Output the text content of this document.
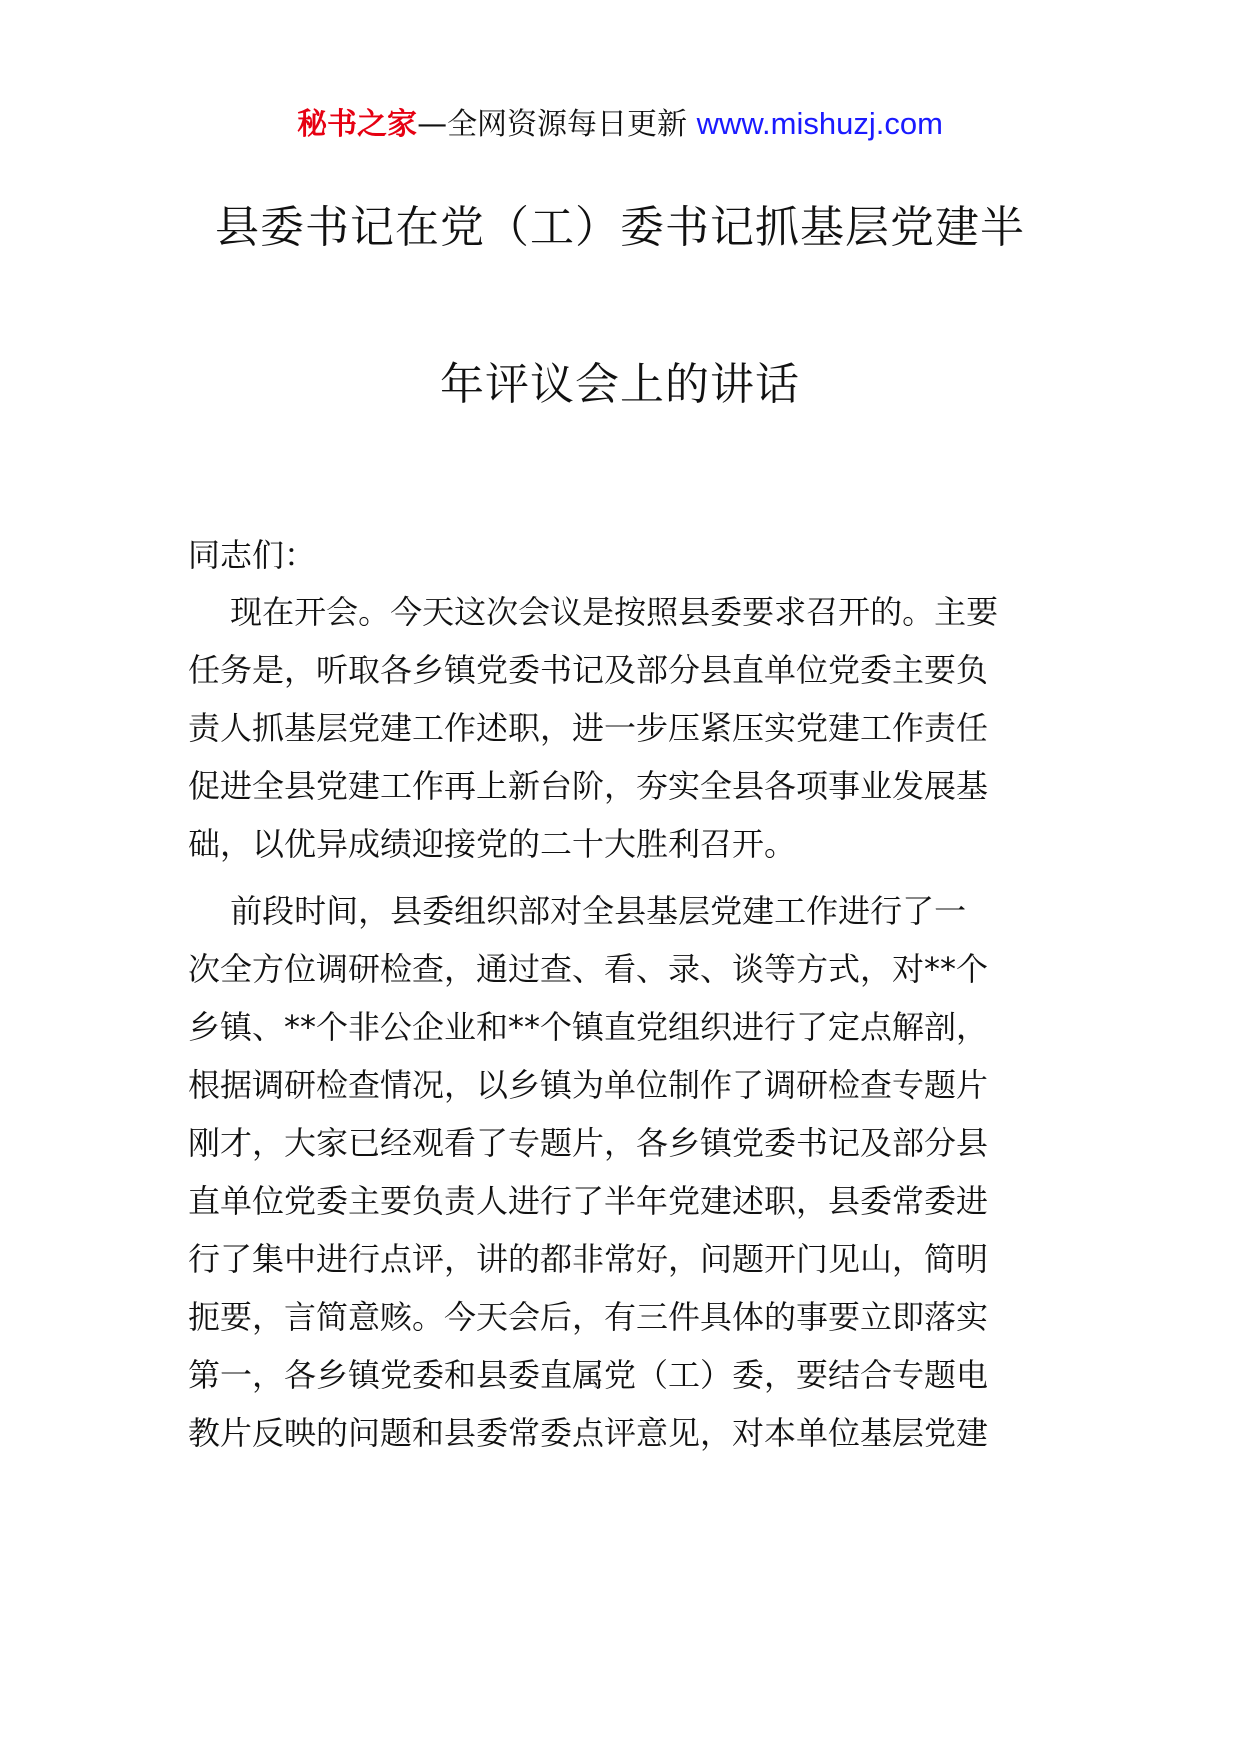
秘书之家—全网资源每日更新 www.mishuzj.com
县委书记在党（工）委书记抓基层党建半
年评议会上的讲话
同志们：
　 现在开会。今天这次会议是按照县委要求召开的。主要
任务是，听取各乡镇党委书记及部分县直单位党委主要负
责人抓基层党建工作述职，进一步压紧压实党建工作责任
促进全县党建工作再上新台阶，夯实全县各项事业发展基
础，以优异成绩迎接党的二十大胜利召开。
　 前段时间，县委组织部对全县基层党建工作进行了一
次全方位调研检查，通过查、看、录、谈等方式，对**个
乡镇、**个非公企业和**个镇直党组织进行了定点解剖，
根据调研检查情况，以乡镇为单位制作了调研检查专题片
刚才，大家已经观看了专题片，各乡镇党委书记及部分县
直单位党委主要负责人进行了半年党建述职，县委常委进
行了集中进行点评，讲的都非常好，问题开门见山，简明
扼要，言简意赅。今天会后，有三件具体的事要立即落实
第一，各乡镇党委和县委直属党（工）委，要结合专题电
教片反映的问题和县委常委点评意见，对本单位基层党建
